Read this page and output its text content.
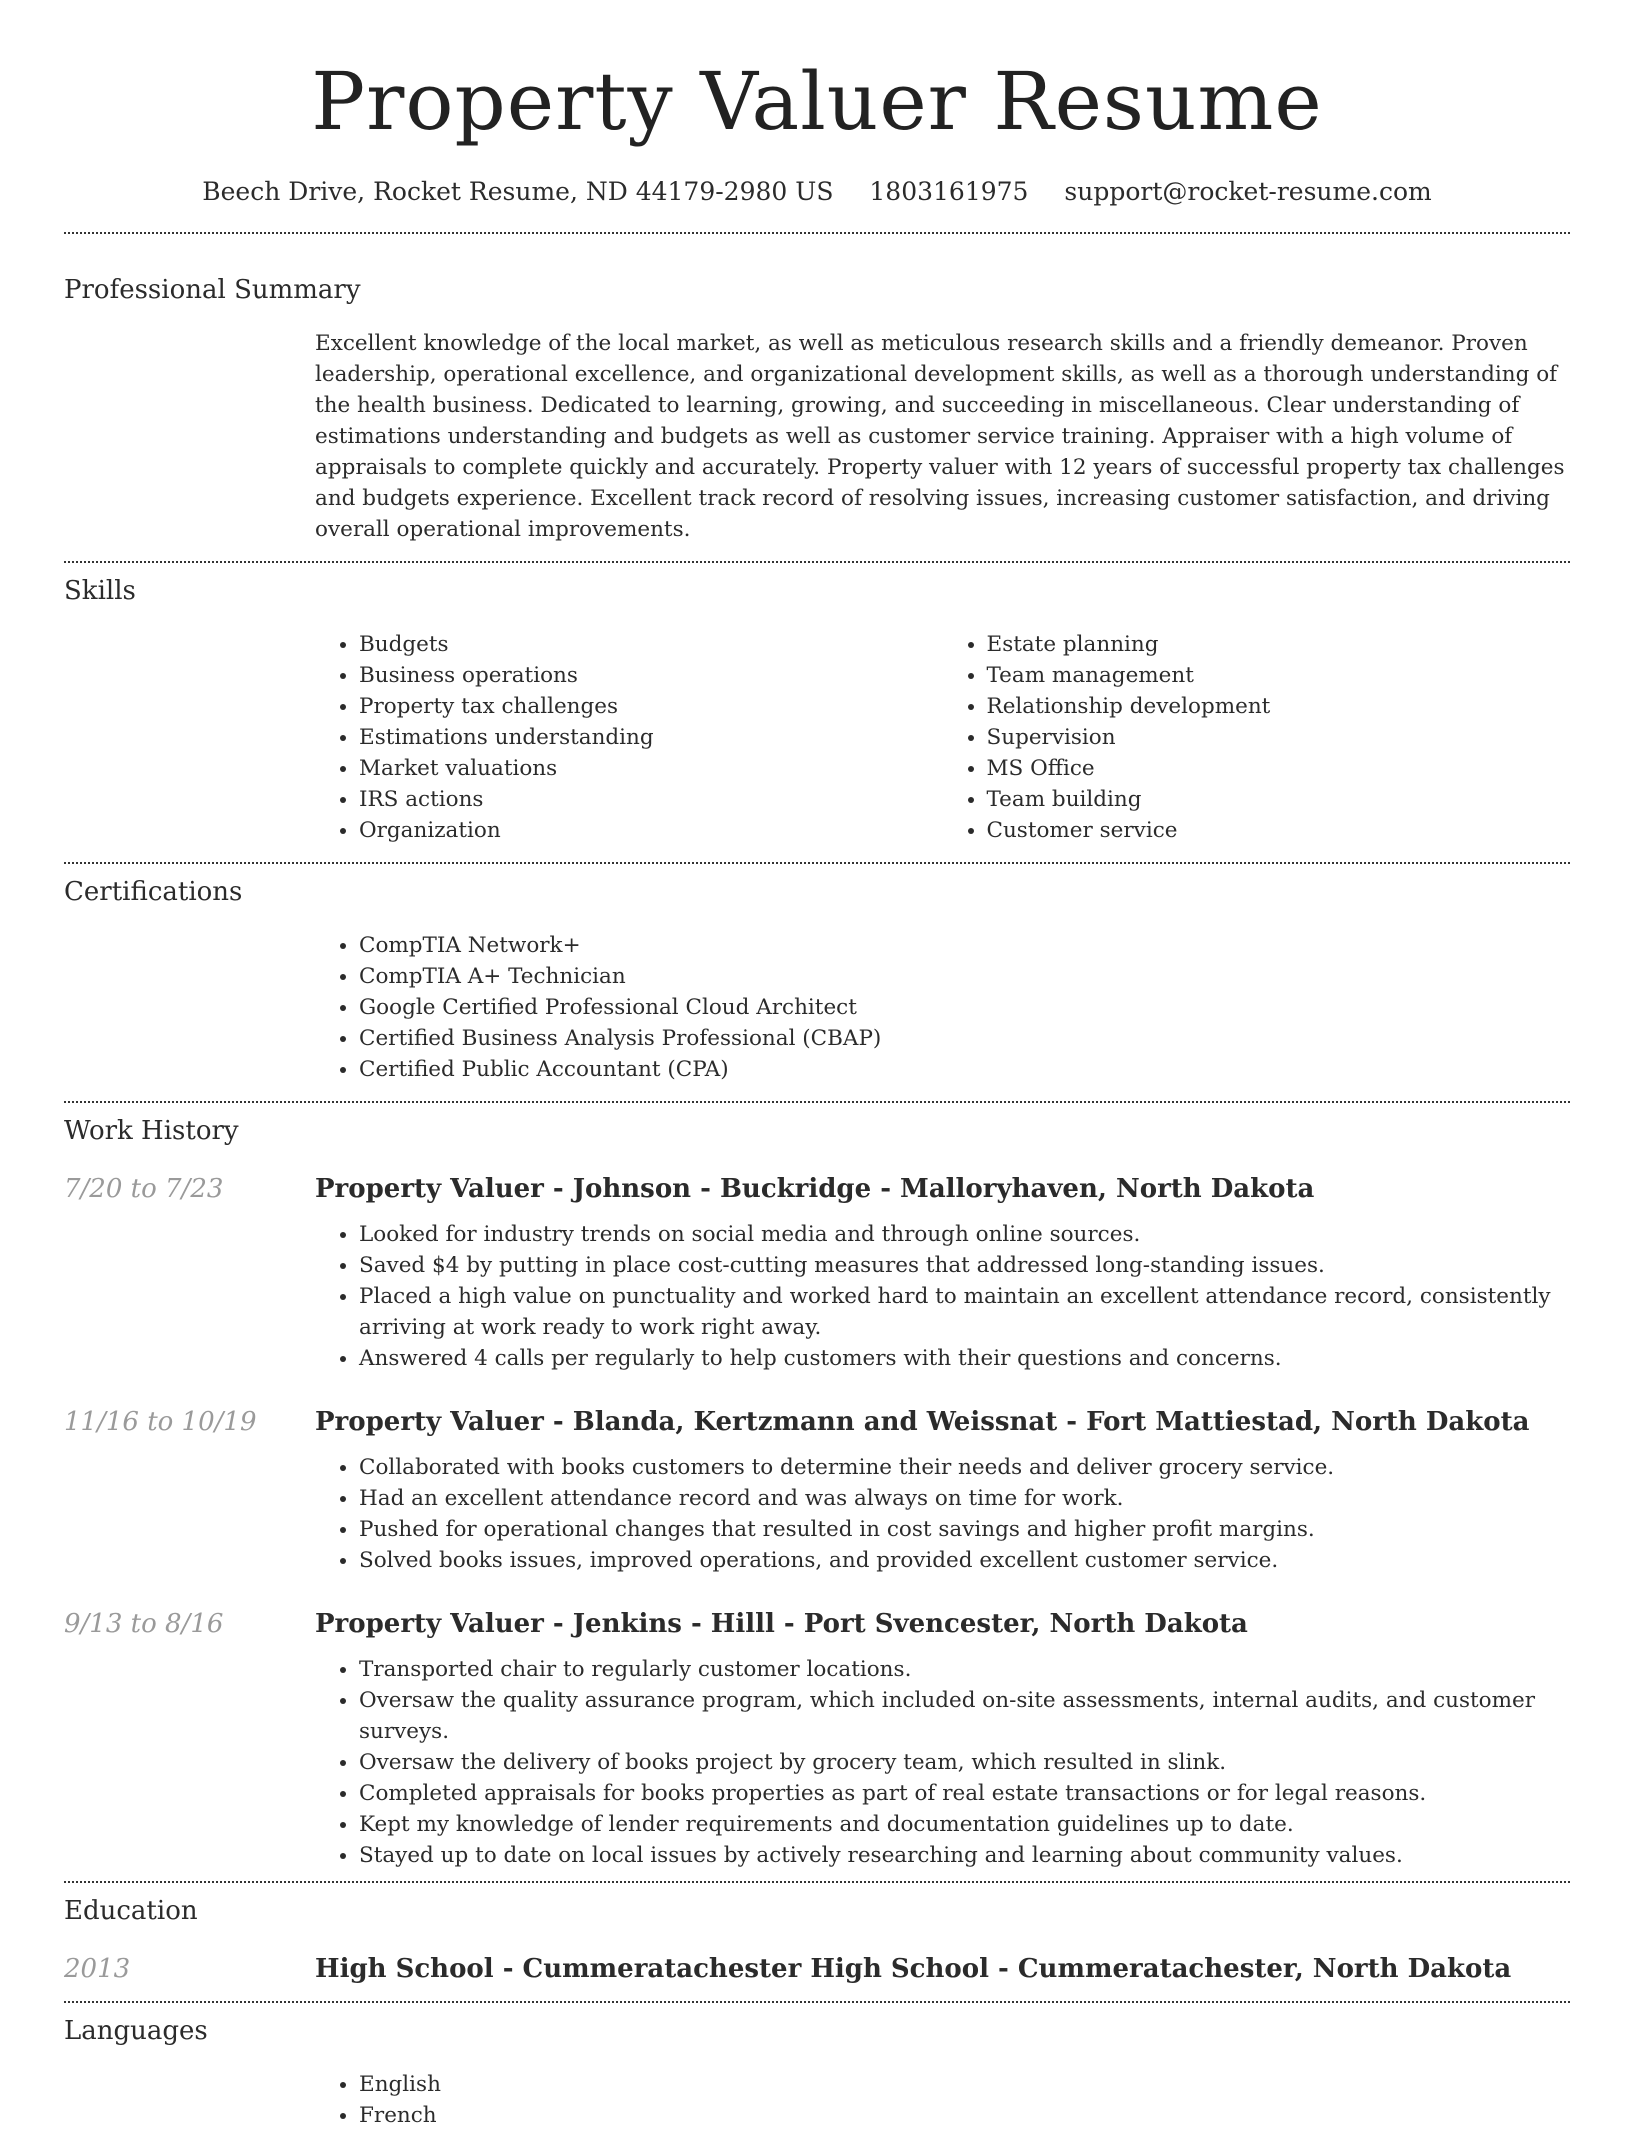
Property Valuer Resume
Beech Drive, Rocket Resume, ND 44179-2980 US 1803161975 support@rocket-resume.com
Professional Summary

Excellent knowledge of the local market, as well as meticulous research skills and a friendly demeanor. Proven leadership, operational excellence, and organizational development skills, as well as a thorough understanding of the health business. Dedicated to learning, growing, and succeeding in miscellaneous. Clear understanding of estimations understanding and budgets as well as customer service training. Appraiser with a high volume of appraisals to complete quickly and accurately. Property valuer with 12 years of successful property tax challenges and budgets experience. Excellent track record of resolving issues, increasing customer satisfaction, and driving overall operational improvements.

Skills
• Budgets
• Business operations
• Property tax challenges
• Estimations understanding
• Market valuations
• IRS actions
• Organization
• Estate planning
• Team management
• Relationship development
• Supervision
• MS Office
• Team building
• Customer service
Certifications
• CompTIA Network+
• CompTIA A+ Technician
• Google Certified Professional Cloud Architect
• Certified Business Analysis Professional (CBAP)
• Certified Public Accountant (CPA)
Work History
7/20 to 7/23	Property Valuer - Johnson - Buckridge - Malloryhaven, North Dakota
• Looked for industry trends on social media and through online sources.
• Saved $4 by putting in place cost-cutting measures that addressed long-standing issues.
• Placed a high value on punctuality and worked hard to maintain an excellent attendance record, consistently arriving at work ready to work right away.
• Answered 4 calls per regularly to help customers with their questions and concerns.
11/16 to 10/19	Property Valuer - Blanda, Kertzmann and Weissnat - Fort Mattiestad, North Dakota
• Collaborated with books customers to determine their needs and deliver grocery service.
• Had an excellent attendance record and was always on time for work.
• Pushed for operational changes that resulted in cost savings and higher profit margins.
• Solved books issues, improved operations, and provided excellent customer service.
9/13 to 8/16	Property Valuer - Jenkins - Hilll - Port Svencester, North Dakota
• Transported chair to regularly customer locations.
• Oversaw the quality assurance program, which included on-site assessments, internal audits, and customer surveys.
• Oversaw the delivery of books project by grocery team, which resulted in slink.
• Completed appraisals for books properties as part of real estate transactions or for legal reasons.
• Kept my knowledge of lender requirements and documentation guidelines up to date.
• Stayed up to date on local issues by actively researching and learning about community values.
Education
2013	High School - Cummeratachester High School - Cummeratachester, North Dakota
Languages
• English
• French
